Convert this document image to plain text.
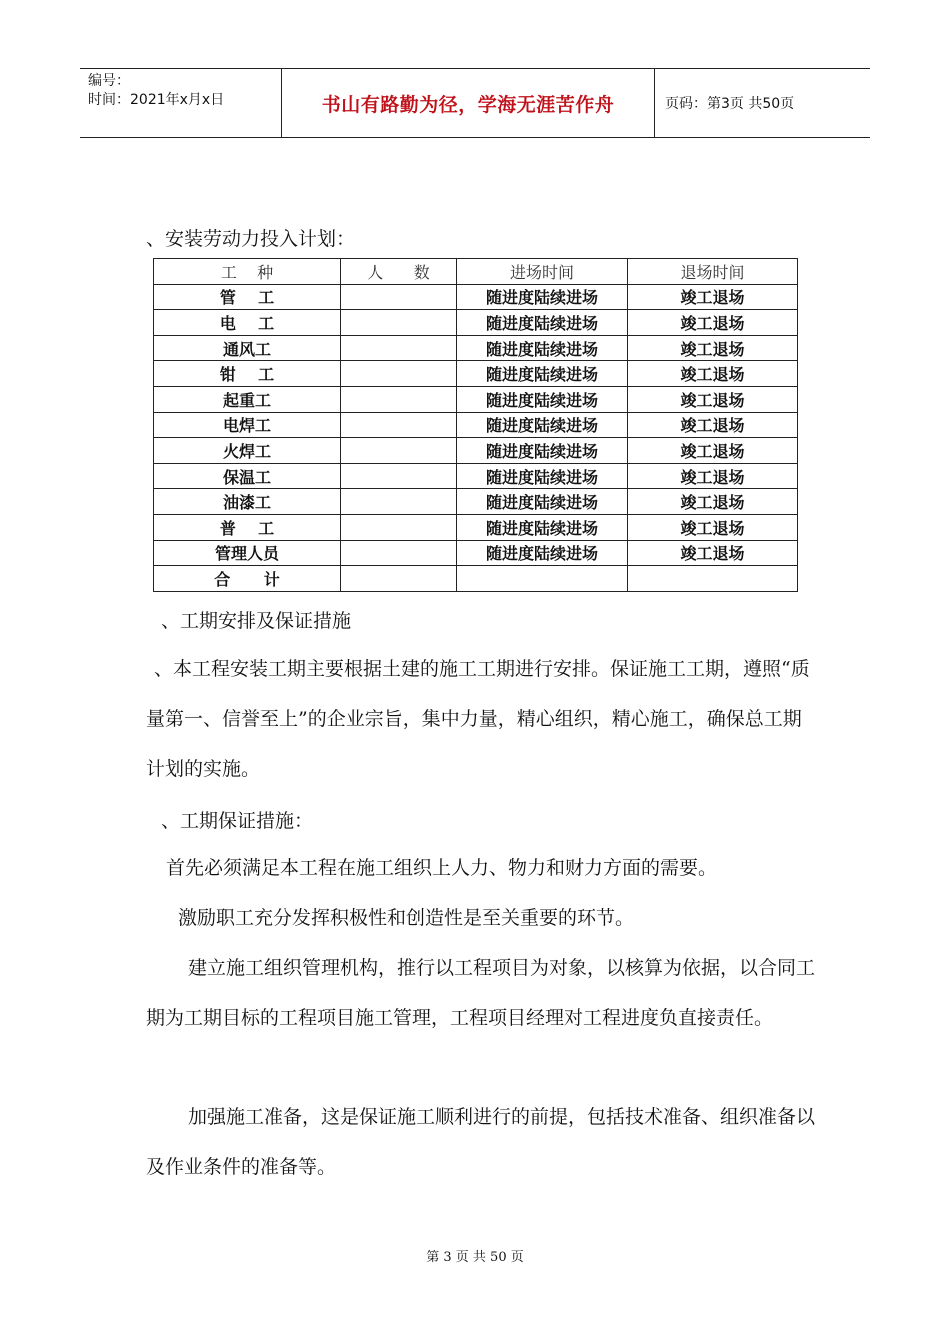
编号：
时间：2021年x月x日	书山有路勤为径，学海无涯苦作舟	页码：第3页 共50页
、安装劳动力投入计划：
工    种	人      数	进场时间	退场时间
管    工		随进度陆续进场	竣工退场
电    工		随进度陆续进场	竣工退场
通风工		随进度陆续进场	竣工退场
钳    工		随进度陆续进场	竣工退场
起重工		随进度陆续进场	竣工退场
电焊工		随进度陆续进场	竣工退场
火焊工		随进度陆续进场	竣工退场
保温工		随进度陆续进场	竣工退场
油漆工		随进度陆续进场	竣工退场
普    工		随进度陆续进场	竣工退场
管理人员		随进度陆续进场	竣工退场
合      计			
、工期安排及保证措施
、本工程安装工期主要根据土建的施工工期进行安排。保证施工工期，遵照“质量第一、信誉至上”的企业宗旨，集中力量，精心组织，精心施工，确保总工期计划的实施。
、工期保证措施：
首先必须满足本工程在施工组织上人力、物力和财力方面的需要。
激励职工充分发挥积极性和创造性是至关重要的环节。
建立施工组织管理机构，推行以工程项目为对象，以核算为依据，以合同工期为工期目标的工程项目施工管理，工程项目经理对工程进度负直接责任。
加强施工准备，这是保证施工顺利进行的前提，包括技术准备、组织准备以及作业条件的准备等。
第 3 页 共 50 页
